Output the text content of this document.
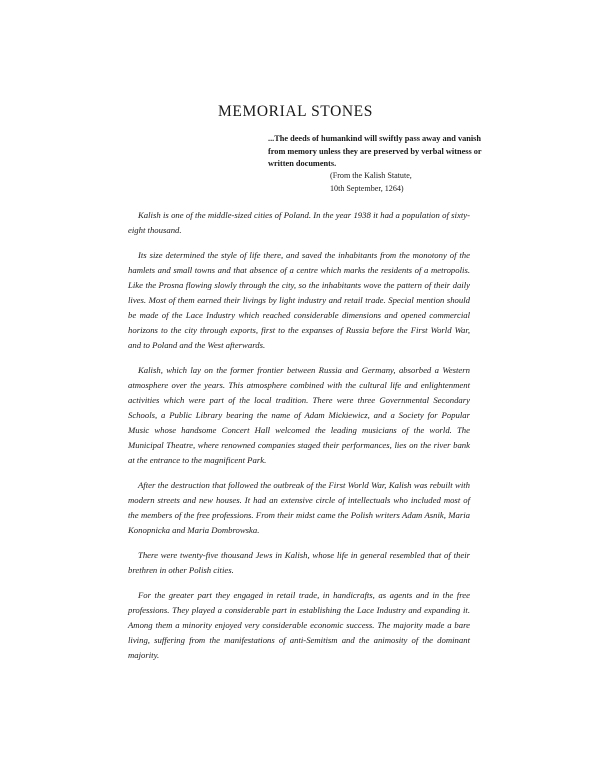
MEMORIAL STONES

...The deeds of humankind will swiftly pass away and vanish from memory unless they are preserved by verbal witness or written documents.

(From the Kalish Statute,
10th September, 1264)

Kalish is one of the middle-sized cities of Poland. In the year 1938 it had a population of sixty-eight thousand.

Its size determined the style of life there, and saved the inhabitants from the monotony of the hamlets and small towns and that absence of a centre which marks the residents of a metropolis. Like the Prosna flowing slowly through the city, so the inhabitants wove the pattern of their daily lives. Most of them earned their livings by light industry and retail trade. Special mention should be made of the Lace Industry which reached considerable dimensions and opened commercial horizons to the city through exports, first to the expanses of Russia before the First World War, and to Poland and the West afterwards.

Kalish, which lay on the former frontier between Russia and Germany, absorbed a Western atmosphere over the years. This atmosphere combined with the cultural life and enlightenment activities which were part of the local tradition. There were three Governmental Secondary Schools, a Public Library bearing the name of Adam Mickiewicz, and a Society for Popular Music whose handsome Concert Hall welcomed the leading musicians of the world. The Municipal Theatre, where renowned companies staged their performances, lies on the river bank at the entrance to the magnificent Park.

After the destruction that followed the outbreak of the First World War, Kalish was rebuilt with modern streets and new houses. It had an extensive circle of intellectuals who included most of the members of the free professions. From their midst came the Polish writers Adam Asnik, Maria Konopnicka and Maria Dombrowska.

There were twenty-five thousand Jews in Kalish, whose life in general resembled that of their brethren in other Polish cities.

For the greater part they engaged in retail trade, in handicrafts, as agents and in the free professions. They played a considerable part in establishing the Lace Industry and expanding it. Among them a minority enjoyed very considerable economic success. The majority made a bare living, suffering from the manifestations of anti-Semitism and the animosity of the dominant majority.
